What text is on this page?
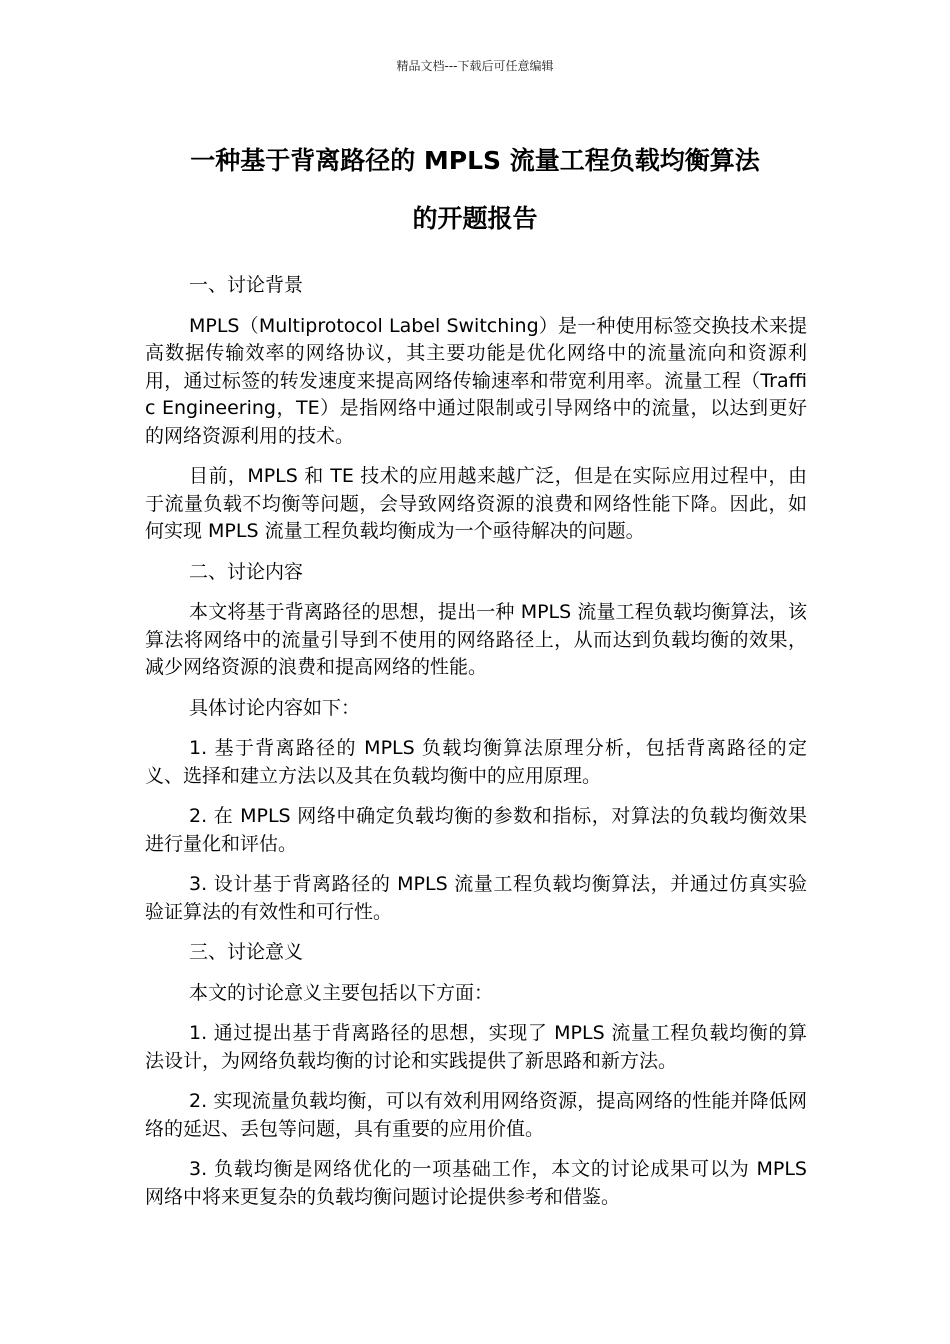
精品文档---下载后可任意编辑
一种基于背离路径的 MPLS 流量工程负载均衡算法
的开题报告

一、讨论背景

MPLS（Multiprotocol Label Switching）是一种使用标签交换技术来提高数据传输效率的网络协议，其主要功能是优化网络中的流量流向和资源利用，通过标签的转发速度来提高网络传输速率和带宽利用率。流量工程（Traffic Engineering，TE）是指网络中通过限制或引导网络中的流量，以达到更好的网络资源利用的技术。

目前，MPLS 和 TE 技术的应用越来越广泛，但是在实际应用过程中，由于流量负载不均衡等问题，会导致网络资源的浪费和网络性能下降。因此，如何实现 MPLS 流量工程负载均衡成为一个亟待解决的问题。

二、讨论内容

本文将基于背离路径的思想，提出一种 MPLS 流量工程负载均衡算法，该算法将网络中的流量引导到不使用的网络路径上，从而达到负载均衡的效果，减少网络资源的浪费和提高网络的性能。

具体讨论内容如下：

1. 基于背离路径的 MPLS 负载均衡算法原理分析，包括背离路径的定义、选择和建立方法以及其在负载均衡中的应用原理。

2. 在 MPLS 网络中确定负载均衡的参数和指标，对算法的负载均衡效果进行量化和评估。

3. 设计基于背离路径的 MPLS 流量工程负载均衡算法，并通过仿真实验验证算法的有效性和可行性。

三、讨论意义

本文的讨论意义主要包括以下方面：

1. 通过提出基于背离路径的思想，实现了 MPLS 流量工程负载均衡的算法设计，为网络负载均衡的讨论和实践提供了新思路和新方法。

2. 实现流量负载均衡，可以有效利用网络资源，提高网络的性能并降低网络的延迟、丢包等问题，具有重要的应用价值。

3. 负载均衡是网络优化的一项基础工作，本文的讨论成果可以为 MPLS 网络中将来更复杂的负载均衡问题讨论提供参考和借鉴。
